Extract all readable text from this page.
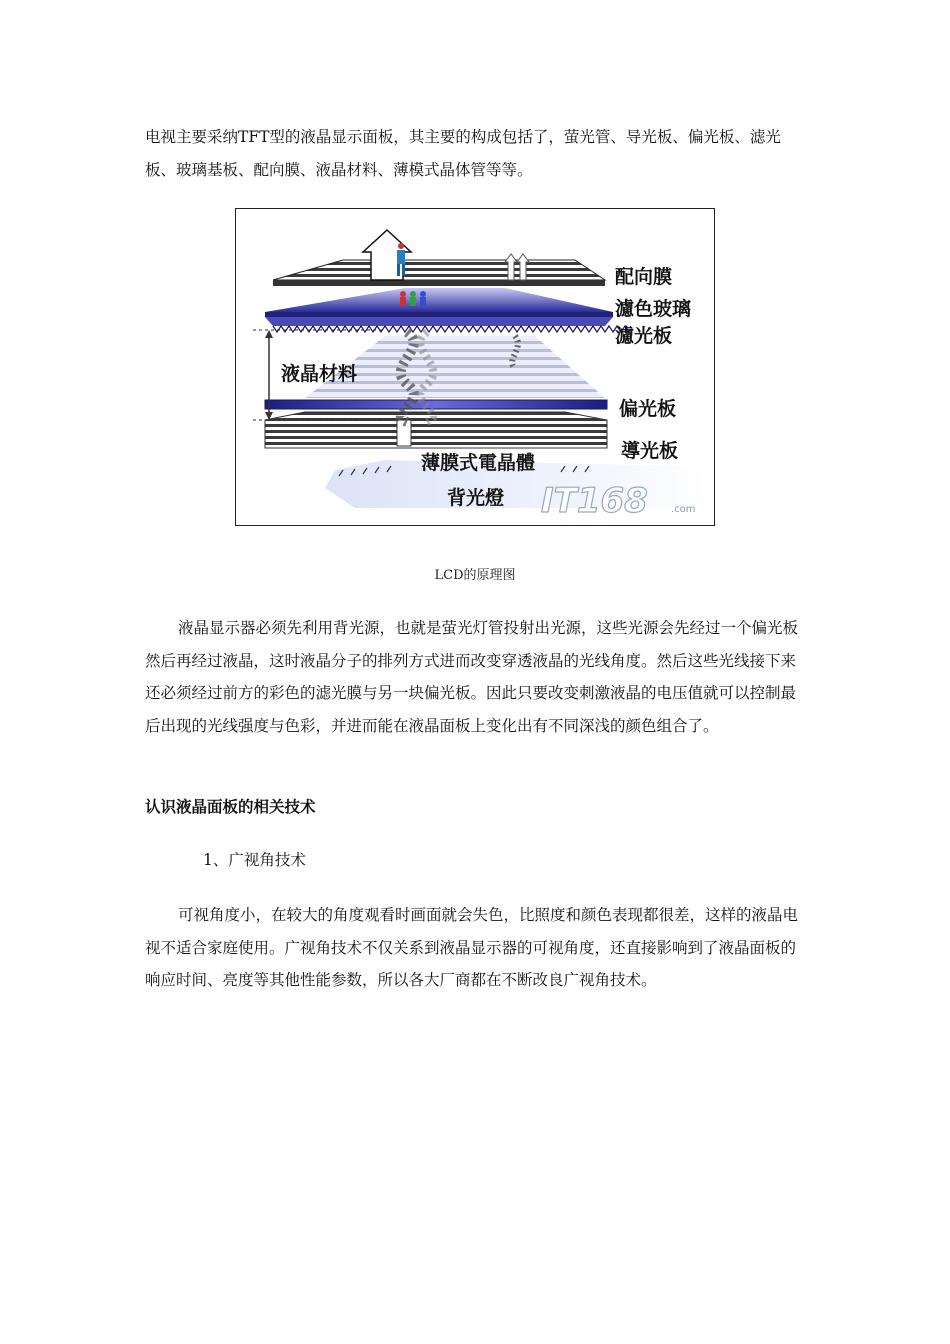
电视主要采纳TFT型的液晶显示面板，其主要的构成包括了，萤光管、导光板、偏光板、滤光板、玻璃基板、配向膜、液晶材料、薄模式晶体管等等。

配向膜
濾色玻璃
濾光板
液晶材料
偏光板
導光板
薄膜式電晶體
背光燈 IT168 .com

LCD的原理图

液晶显示器必须先利用背光源，也就是萤光灯管投射出光源，这些光源会先经过一个偏光板然后再经过液晶，这时液晶分子的排列方式进而改变穿透液晶的光线角度。然后这些光线接下来还必须经过前方的彩色的滤光膜与另一块偏光板。因此只要改变刺激液晶的电压值就可以控制最后出现的光线强度与色彩，并进而能在液晶面板上变化出有不同深浅的颜色组合了。

认识液晶面板的相关技术

1、广视角技术

可视角度小，在较大的角度观看时画面就会失色，比照度和颜色表现都很差，这样的液晶电视不适合家庭使用。广视角技术不仅关系到液晶显示器的可视角度，还直接影响到了液晶面板的响应时间、亮度等其他性能参数，所以各大厂商都在不断改良广视角技术。
